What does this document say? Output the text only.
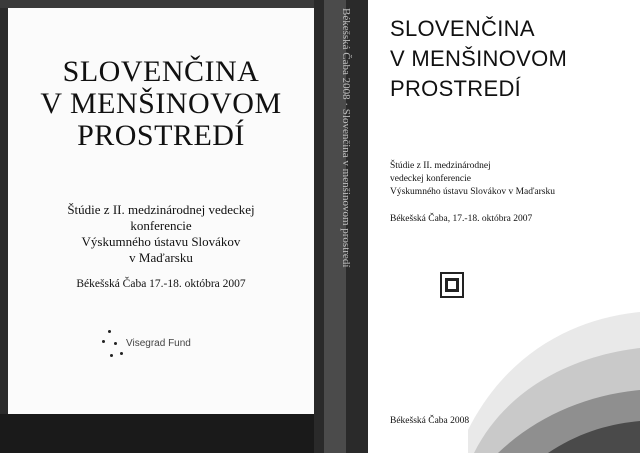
SLOVENČINA
V MENŠINOVOM
PROSTREDÍ
Štúdie z II. medzinárodnej vedeckej
konferencie
Výskumného ústavu Slovákov
v Maďarsku
Békešská Čaba 17.-18. októbra 2007
Visegrad Fund
Békešská Čaba 2008 · Slovenčina v menšinovom prostredí SLOVENČINA
V MENŠINOVOM
PROSTREDÍ
Štúdie z II. medzinárodnej
vedeckej konferencie
Výskumného ústavu Slovákov v Maďarsku
Békešská Čaba, 17.-18. októbra 2007
Békešská Čaba 2008
